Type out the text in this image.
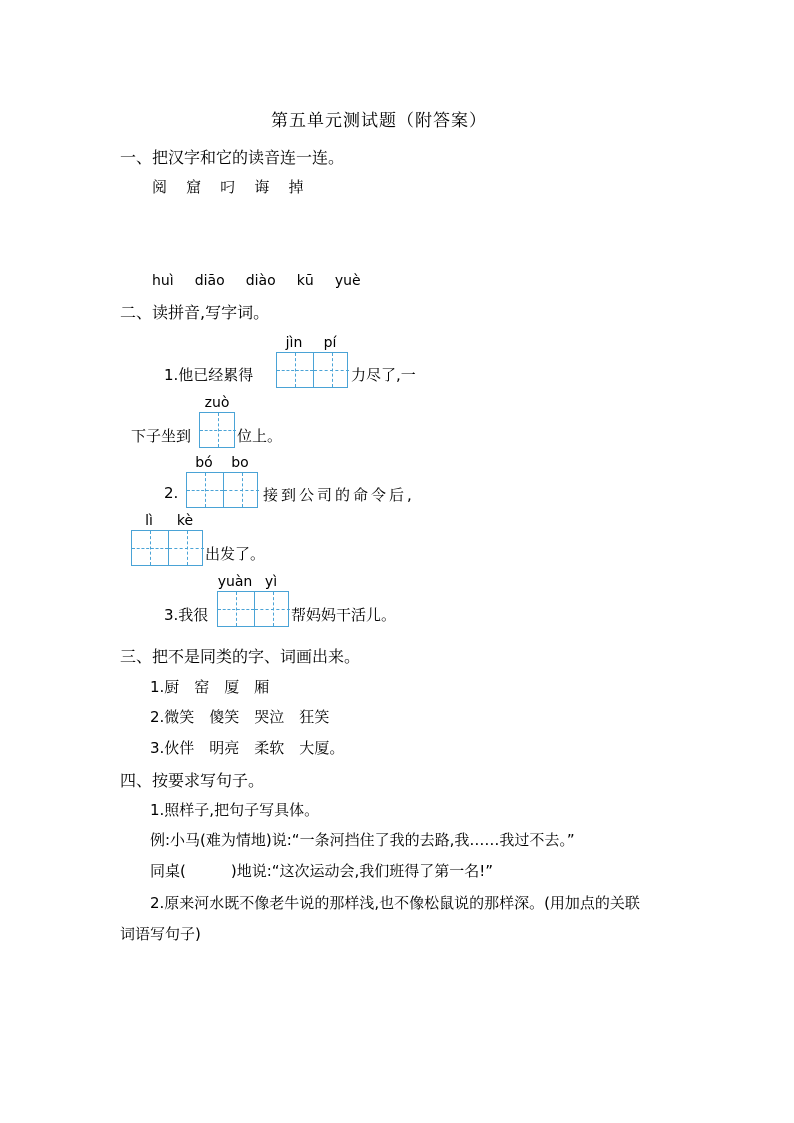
第五单元测试题（附答案）
一、把汉字和它的读音连一连。
阅 窟 叼 诲 掉
huì diāo diào kū yuè
二、读拼音,写字词。
jìn	pí
1.他已经累得	力尽了,一
zuò
下子坐到	位上。
bó	bo
2.	接到公司的命令后,
lì	kè
出发了。
yuàn yì
3.我很	帮妈妈干活儿。
三、把不是同类的字、词画出来。
1.厨　窑　厦　厢
2.微笑　傻笑　哭泣　狂笑
3.伙伴　明亮　柔软　大厦。
四、按要求写句子。
1.照样子,把句子写具体。
例:小马(难为情地)说:“一条河挡住了我的去路,我……我过不去。”
同桌(　　　)地说:“这次运动会,我们班得了第一名!”
2.原来河水既不像老牛说的那样浅,也不像松鼠说的那样深。(用加点的关联
词语写句子)
